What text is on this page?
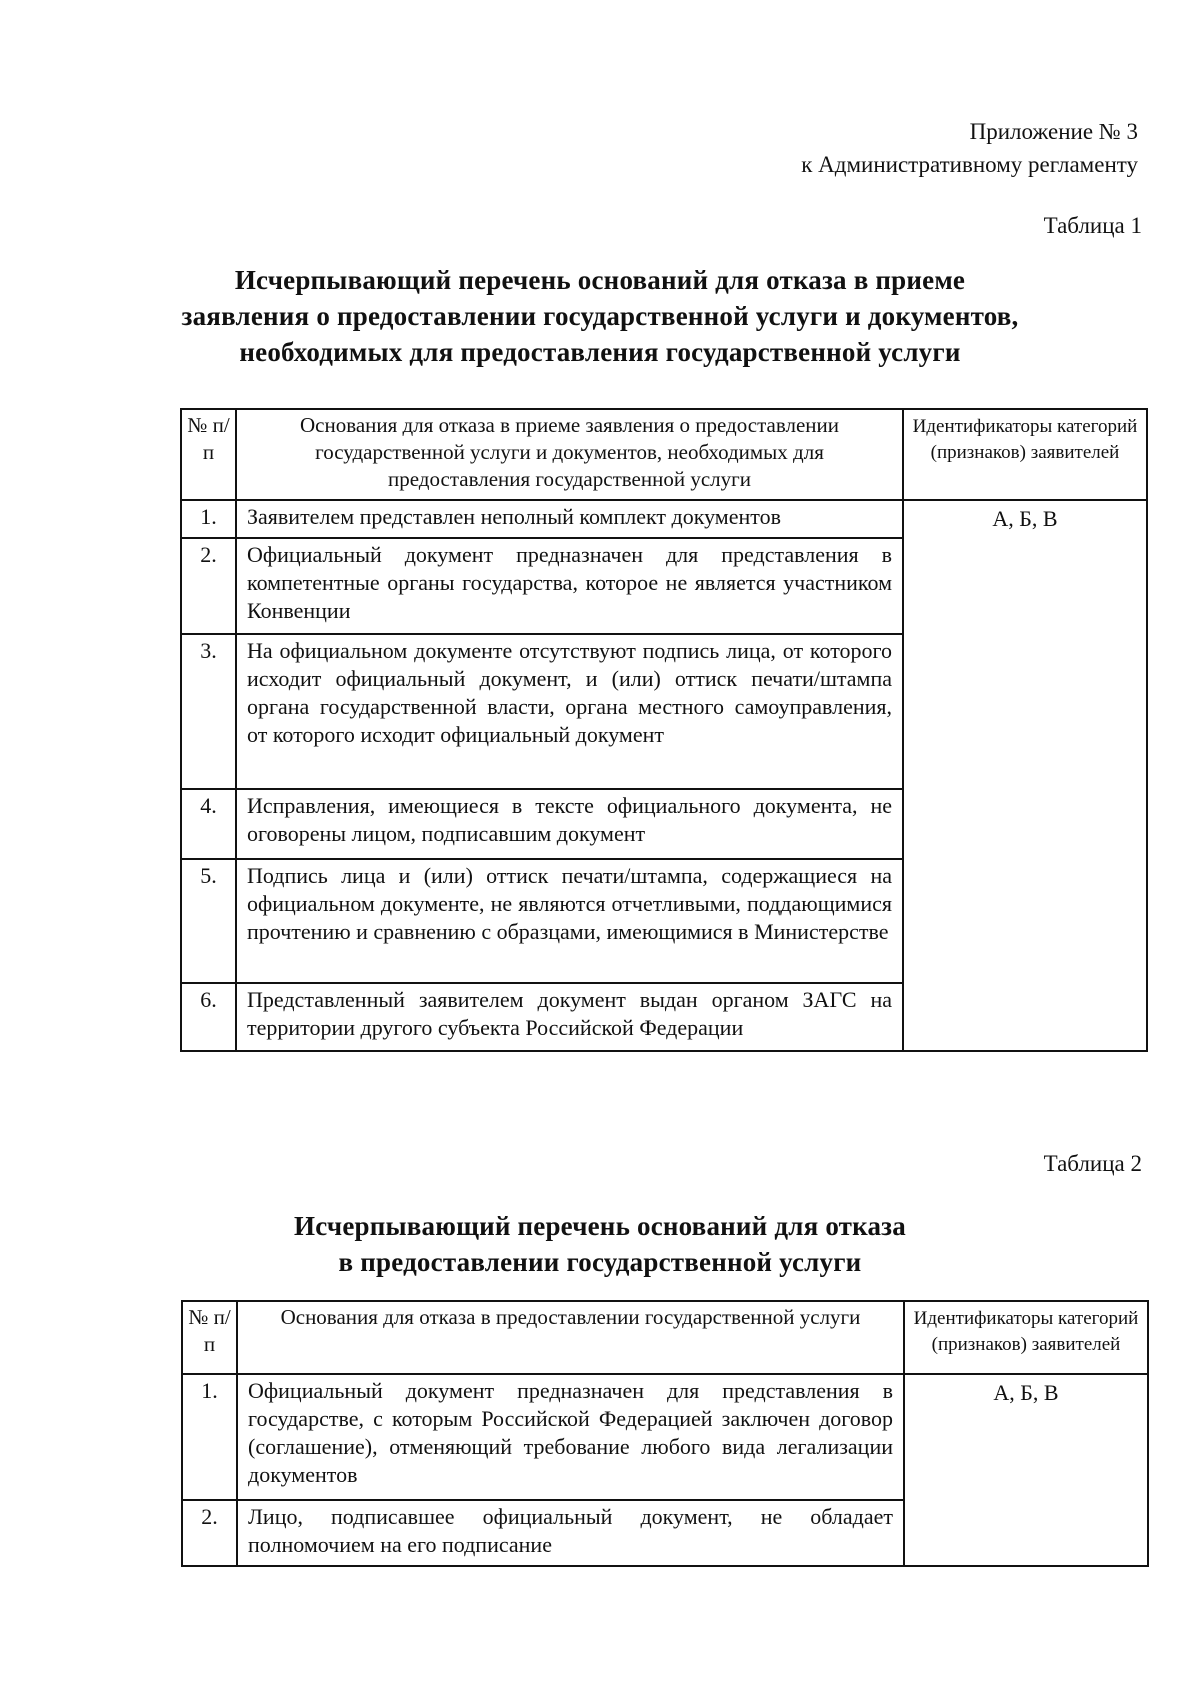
Приложение № 3
к Административному регламенту
Таблица 1
Исчерпывающий перечень оснований для отказа в приеме
заявления о предоставлении государственной услуги и документов,
необходимых для предоставления государственной услуги
№ п/п	Основания для отказа в приеме заявления о предоставлении государственной услуги и документов, необходимых для предоставления государственной услуги	Идентификаторы категорий (признаков) заявителей
1.	Заявителем представлен неполный комплект документов	А, Б, В
2.	Официальный документ предназначен для представления в компетентные органы государства, которое не является участником Конвенции	
3.	На официальном документе отсутствуют подпись лица, от которого исходит официальный документ, и (или) оттиск печати/штампа органа государственной власти, органа местного самоуправления, от которого исходит официальный документ	
4.	Исправления, имеющиеся в тексте официального документа, не оговорены лицом, подписавшим документ	
5.	Подпись лица и (или) оттиск печати/штампа, содержащиеся на официальном документе, не являются отчетливыми, поддающимися прочтению и сравнению с образцами, имеющимися в Министерстве	
6.	Представленный заявителем документ выдан органом ЗАГС на территории другого субъекта Российской Федерации	
Таблица 2
Исчерпывающий перечень оснований для отказа
в предоставлении государственной услуги
№ п/п	Основания для отказа в предоставлении государственной услуги	Идентификаторы категорий (признаков) заявителей
1.	Официальный документ предназначен для представления в государстве, с которым Российской Федерацией заключен договор (соглашение), отменяющий требование любого вида легализации документов	А, Б, В
2.	Лицо, подписавшее официальный документ, не обладает полномочием на его подписание	
